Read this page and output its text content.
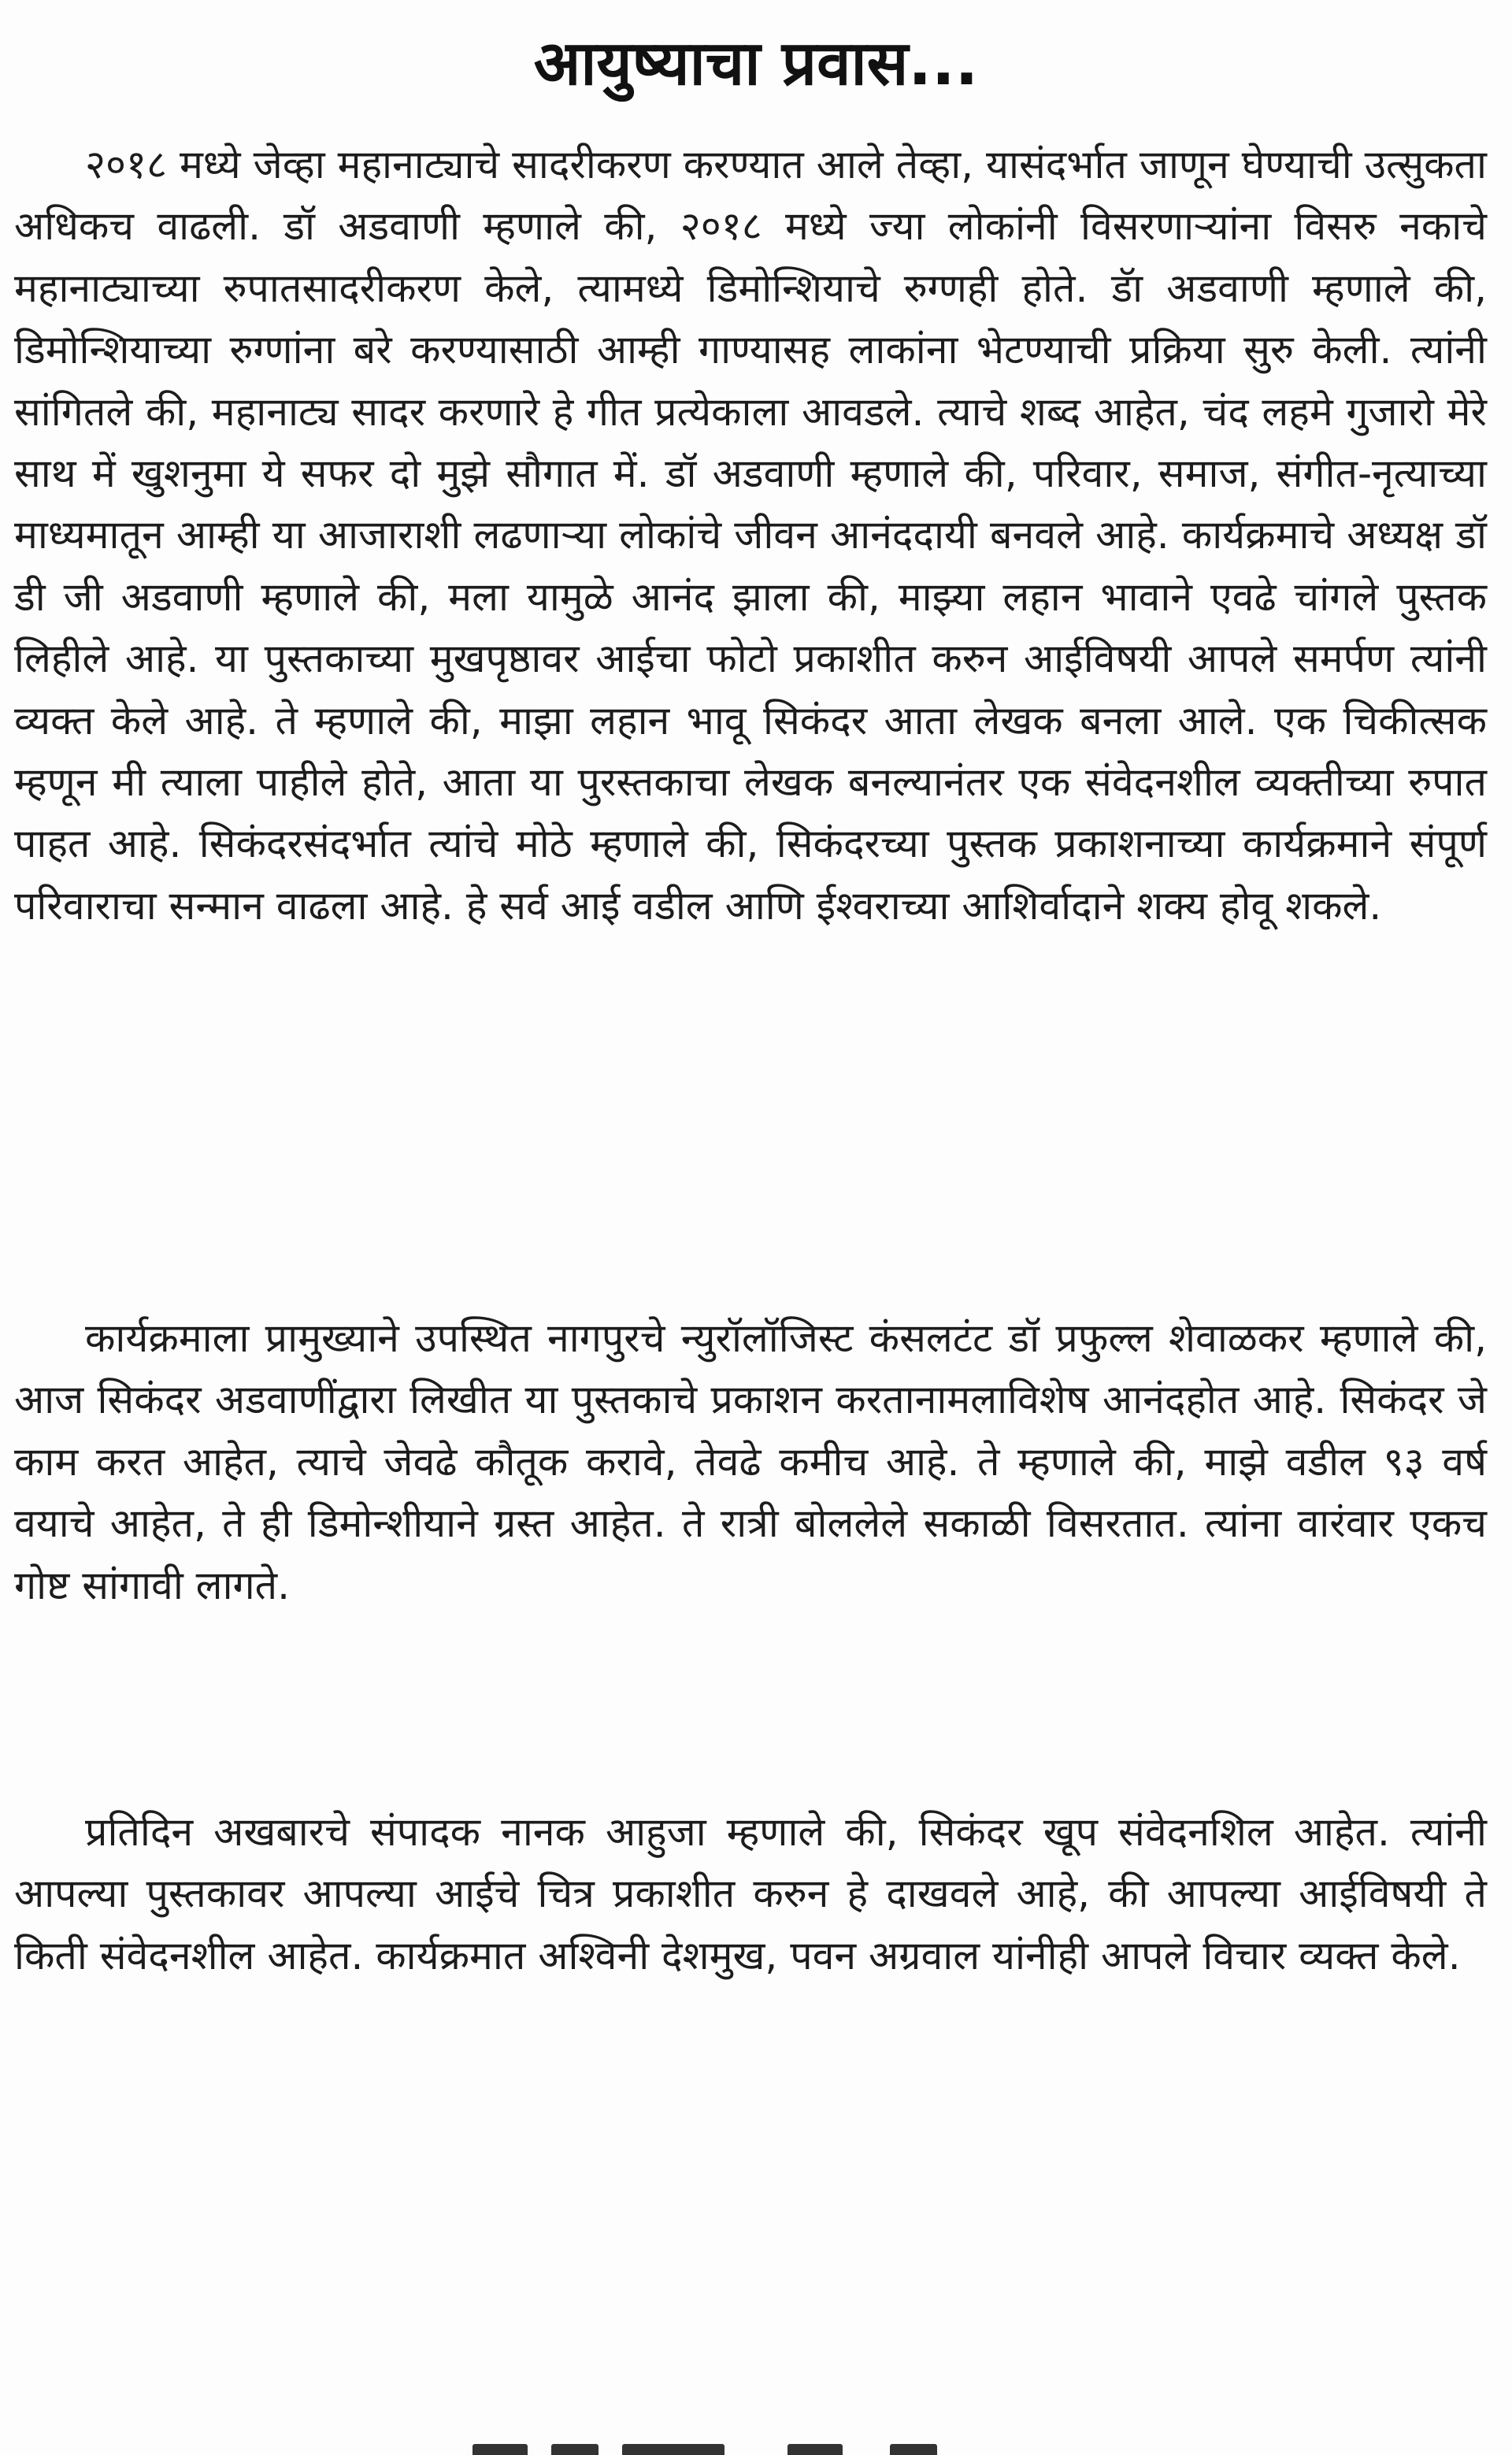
आयुष्याचा प्रवास...

२०१८ मध्ये जेव्हा महानाट्याचे सादरीकरण करण्यात आले तेव्हा, यासंदर्भात जाणून घेण्याची उत्सुकता अधिकच वाढली. डॉ अडवाणी म्हणाले की, २०१८ मध्ये ज्या लोकांनी विसरणाऱ्यांना विसरु नकाचे महानाट्याच्या रुपातसादरीकरण केले, त्यामध्ये डिमोन्शियाचे रुग्णही होते. डॅा अडवाणी म्हणाले की, डिमोन्शियाच्या रुग्णांना बरे करण्यासाठी आम्ही गाण्यासह लाकांना भेटण्याची प्रक्रिया सुरु केली. त्यांनी सांगितले की, महानाट्य सादर करणारे हे गीत प्रत्येकाला आवडले. त्याचे शब्द आहेत, चंद लहमे गुजारो मेरे साथ में खुशनुमा ये सफर दो मुझे सौगात में. डॉ अडवाणी म्हणाले की, परिवार, समाज, संगीत-नृत्याच्या माध्यमातून आम्ही या आजाराशी लढणाऱ्या लोकांचे जीवन आनंददायी बनवले आहे. कार्यक्रमाचे अध्यक्ष डॉ डी जी अडवाणी म्हणाले की, मला यामुळे आनंद झाला की, माझ्या लहान भावाने एवढे चांगले पुस्तक लिहीले आहे. या पुस्तकाच्या मुखपृष्ठावर आईचा फोटो प्रकाशीत करुन आईविषयी आपले समर्पण त्यांनी व्यक्त केले आहे. ते म्हणाले की, माझा लहान भावू सिकंदर आता लेखक बनला आले. एक चिकीत्सक म्हणून मी त्याला पाहीले होते, आता या पुरस्तकाचा लेखक बनल्यानंतर एक संवेदनशील व्यक्तीच्या रुपात पाहत आहे. सिकंदरसंदर्भात त्यांचे मोठे म्हणाले की, सिकंदरच्या पुस्तक प्रकाशनाच्या कार्यक्रमाने संपूर्ण परिवाराचा सन्मान वाढला आहे. हे सर्व आई वडील आणि ईश्वराच्या आशिर्वादाने शक्य होवू शकले.

कार्यक्रमाला प्रामुख्याने उपस्थित नागपुरचे न्युरॉलॉजिस्ट कंसलटंट डॉ प्रफुल्ल शेवाळकर म्हणाले की, आज सिकंदर अडवाणींद्वारा लिखीत या पुस्तकाचे प्रकाशन करतानामलाविशेष आनंदहोत आहे. सिकंदर जे काम करत आहेत, त्याचे जेवढे कौतूक करावे, तेवढे कमीच आहे. ते म्हणाले की, माझे वडील ९३ वर्ष वयाचे आहेत, ते ही डिमोन्शीयाने ग्रस्त आहेत. ते रात्री बोललेले सकाळी विसरतात. त्यांना वारंवार एकच गोष्ट सांगावी लागते.

प्रतिदिन अखबारचे संपादक नानक आहुजा म्हणाले की, सिकंदर खूप संवेदनशिल आहेत. त्यांनी आपल्या पुस्तकावर आपल्या आईचे चित्र प्रकाशीत करुन हे दाखवले आहे, की आपल्या आईविषयी ते किती संवेदनशील आहेत. कार्यक्रमात अश्विनी देशमुख, पवन अग्रवाल यांनीही आपले विचार व्यक्त केले.
